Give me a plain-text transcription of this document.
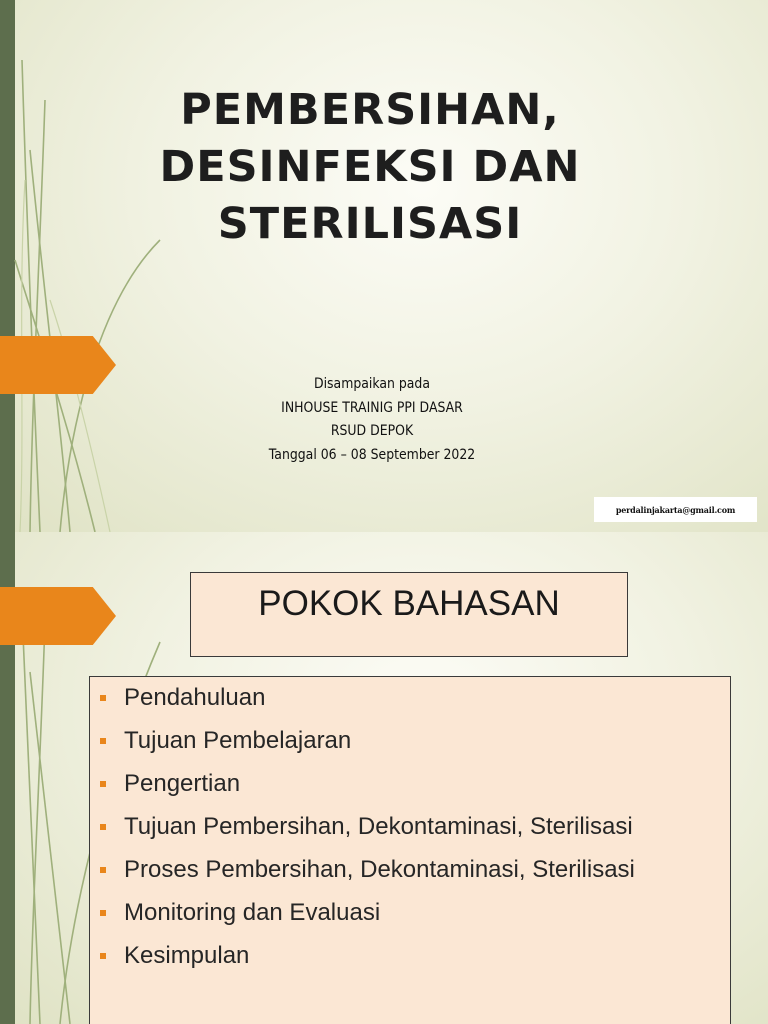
PEMBERSIHAN,
DESINFEKSI DAN
STERILISASI
Disampaikan pada
INHOUSE TRAINIG PPI DASAR
RSUD DEPOK
Tanggal 06 – 08 September 2022
perdalinjakarta@gmail.com
POKOK BAHASAN
Pendahuluan
Tujuan Pembelajaran
Pengertian
Tujuan Pembersihan, Dekontaminasi, Sterilisasi
Proses Pembersihan, Dekontaminasi, Sterilisasi
Monitoring dan Evaluasi
Kesimpulan
